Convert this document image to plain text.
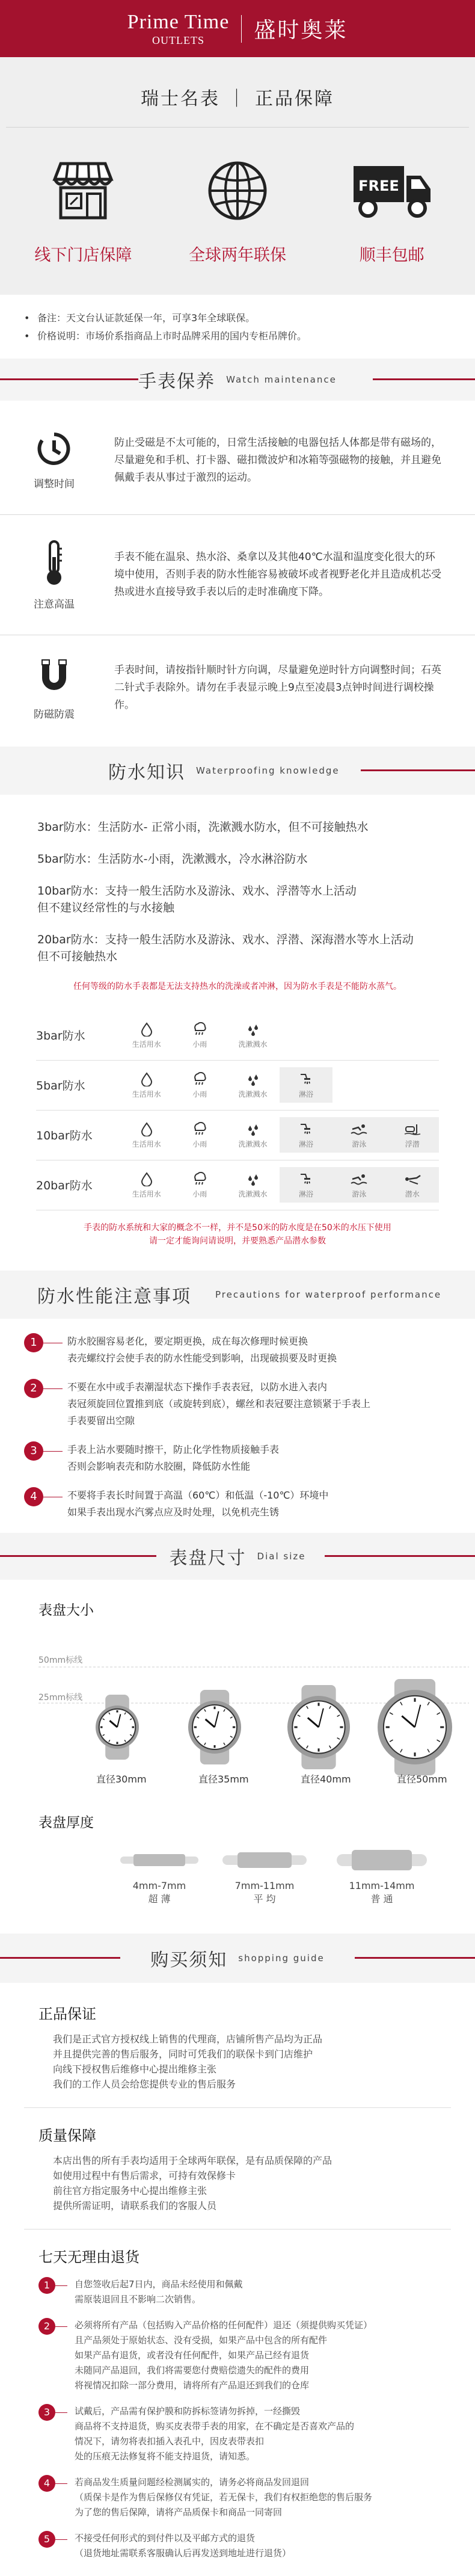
Prime Time
OUTLETS	盛时奥莱
瑞士名表 ｜ 正品保障
线下门店保障	全球两年联保
FREE
顺丰包邮
• 备注：天文台认证款延保一年，可享3年全球联保。
• 价格说明：市场价系指商品上市时品牌采用的国内专柜吊牌价。
手表保养 Watch maintenance
调整时间
防止受磁是不太可能的，日常生活接触的电器包括人体都是带有磁场的，尽量避免和手机、打卡器、磁扣微波炉和冰箱等强磁物的接触，并且避免佩戴手表从事过于激烈的运动。
注意高温
手表不能在温泉、热水浴、桑拿以及其他40℃水温和温度变化很大的环境中使用，否则手表的防水性能容易被破坏或者视野老化并且造成机芯受热或进水直接导致手表以后的走时准确度下降。
防磁防震
手表时间，请按指针顺时针方向调，尽量避免逆时针方向调整时间；石英二针式手表除外。请勿在手表显示晚上9点至凌晨3点钟时间进行调校操作。
防水知识 Waterproofing knowledge

3bar防水：生活防水- 正常小雨，洗漱溅水防水，但不可接触热水

5bar防水：生活防水-小雨，洗漱溅水，冷水淋浴防水

10bar防水：支持一般生活防水及游泳、戏水、浮潜等水上活动
但不建议经常性的与水接触

20bar防水：支持一般生活防水及游泳、戏水、浮潜、深海潜水等水上活动
但不可接触热水

任何等级的防水手表都是无法支持热水的洗澡或者冲淋，因为防水手表是不能防水蒸气。
3bar防水	生活用水	小雨	洗漱溅水			

5bar防水	生活用水	小雨	洗漱溅水	淋浴		

10bar防水	生活用水	小雨	洗漱溅水	淋浴	游泳	浮潜

20bar防水	生活用水	小雨	洗漱溅水	淋浴	游泳	潜水
手表的防水系统和大家的概念不一样，并不是50米的防水度是在50米的水压下使用
请一定才能询问请说明，并要熟悉产品潜水参数
防水性能注意事项	Precautions for waterproof performance
1	防水胶圈容易老化，要定期更换，成在每次修理时候更换
表壳螺纹拧会使手表的防水性能受到影响，出现破损要及时更换
2	不要在水中或手表潮湿状态下操作手表表冠，以防水进入表内
表冠须旋回位置推到底（或旋转到底），螺丝和表冠要注意锁紧于手表上
手表要留出空隙
3	手表上沾水要随时擦干，防止化学性物质接触手表
否则会影响表壳和防水胶圈，降低防水性能
4	不要将手表长时间置于高温（60℃）和低温（-10℃）环境中
如果手表出现水汽雾点应及时处理，以免机壳生锈
表盘尺寸 Dial size
表盘大小
50mm标线
25mm标线
直径30mm	直径35mm	直径40mm	直径50mm
表盘厚度
4mm-7mm
超 薄
7mm-11mm
平 均
11mm-14mm
普 通
购买须知 shopping guide
正品保证
我们是正式官方授权线上销售的代理商，店铺所售产品均为正品
并且提供完善的售后服务，同时可凭我们的联保卡到门店维护
向线下授权售后维修中心提出维修主张
我们的工作人员会给您提供专业的售后服务
质量保障
本店出售的所有手表均适用于全球两年联保，是有品质保障的产品
如使用过程中有售后需求，可持有效保修卡
前往官方指定服务中心提出维修主张
提供所需证明，请联系我们的客服人员
七天无理由退货
1	自您签收后起7日内，商品未经使用和佩戴
需原装退回且不影响二次销售。
2	必须将所有产品（包括购入产品价格的任何配件）退还（须提供购买凭证）
且产品须处于原始状态、没有受损，如果产品中包含的所有配件
如果产品有退货，或者没有任何配件，如果产品已经有退货
未随同产品退回，我们将需要您付费赔偿遗失的配件的费用
将视情况扣除一部分费用，请将所有产品退还到我们的仓库
3	试戴后，产品需有保护膜和防拆标签请勿拆掉，一经撕毁
商品将不支持退货，购买皮表带手表的用家，在不确定是否喜欢产品的
情况下，请勿将表扣插入表孔中，因皮表带表扣
处的压痕无法修复将不能支持退货，请知悉。
4	若商品发生质量问题经检测属实的，请务必将商品发回退回
（质保卡是作为售后保修仅有凭证，若无保卡，我们有权拒绝您的售后服务
为了您的售后保障，请将产品质保卡和商品一同寄回
5	不接受任何形式的到付件以及平邮方式的退货
（退货地址需联系客服确认后再发送到地址进行退货）
